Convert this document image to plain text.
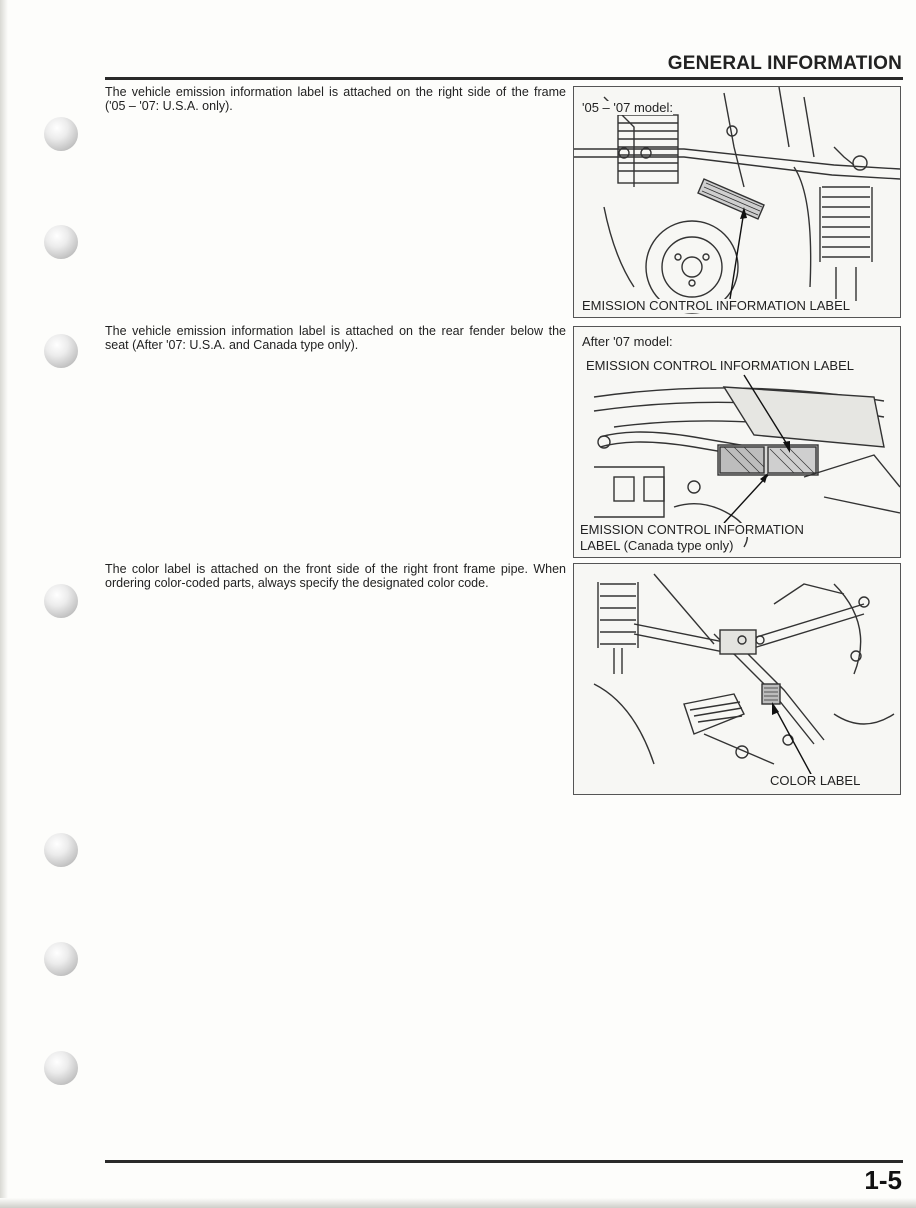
GENERAL INFORMATION
The vehicle emission information label is attached on the right side of the frame ('05 – '07: U.S.A. only).	'05 – '07 model:
EMISSION CONTROL INFORMATION LABEL
The vehicle emission information label is attached on the rear fender below the seat (After '07: U.S.A. and Canada type only).	After '07 model:
EMISSION CONTROL INFORMATION LABEL
EMISSION CONTROL INFORMATION
LABEL (Canada type only)
The color label is attached on the front side of the right front frame pipe. When ordering color-coded parts, always specify the designated color code.
COLOR LABEL
1-5
